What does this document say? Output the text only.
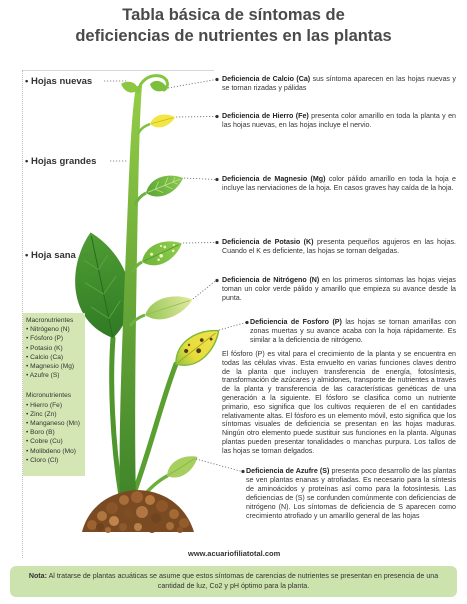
Tabla básica de síntomas de
deficiencias de nutrientes en las plantas
• Hojas nuevas
• Hojas grandes
• Hoja sana
Macronutrientes
• Nitrógeno (N)
• Fósforo (P)
• Potasio (K)
• Calcio (Ca)
• Magnesio (Mg)
• Azufre (S)
Micronutrientes
• Hierro (Fe)
• Zinc (Zn)
• Manganeso (Mn)
• Boro (B)
• Cobre (Cu)
• Molibdeno (Mo)
• Cloro (Cl)
Deficiencia de Calcio (Ca) sus síntoma aparecen en las hojas nuevas y se tornan rizadas y pálidas
Deficiencia de Hierro (Fe) presenta color amarillo en toda la planta y en las hojas nuevas, en las hojas incluye el nervio.
Deficiencia de Magnesio (Mg) color pálido amarillo en toda la hoja e incluye las nerviaciones de la hoja. En casos graves hay caída de la hoja.
Deficiencia de Potasio (K) presenta pequeños agujeros en las hojas. Cuando el K es deficiente, las hojas se tornan delgadas.
Deficiencia de Nitrógeno (N) en los primeros síntomas las hojas viejas toman un color verde pálido y amarillo que empieza su avance desde la punta.
Deficiencia de Fosforo (P) las hojas se tornan amarillas con zonas muertas y su avance acaba con la hoja rápidamente. Es similar a la deficiencia de nitrógeno.
El fósforo (P) es vital para el crecimiento de la planta y se encuentra en todas las células vivas. Esta envuelto en varias funciones claves dentro de la planta que incluyen transferencia de energía, fotosíntesis, transformación de azúcares y almidones, transporte de nutrientes a través de la planta y transferencia de las características genéticas de una generación a la siguiente. El fósforo se clasifica como un nutriente primario, eso significa que los cultivos requieren de el en cantidades relativamente altas. El fósforo es un elemento móvil, esto significa que los síntomas visuales de deficiencia se presentan en las hojas maduras. Ningún otro elemento puede sustituir sus funciones en la planta. Algunas plantas pueden presentar tonalidades o manchas purpura. Los tallos de las hojas se tornan delgados.
Deficiencia de Azufre (S) presenta poco desarrollo de las plantas se ven plantas enanas y atrofiadas. Es necesario para la síntesis de aminoácidos y proteínas así como para la fotosíntesis. Las deficiencias de (S) se confunden comúnmente con deficiencias de nitrógeno (N). Los síntomas de deficiencia de S aparecen como crecimiento atrofiado y un amarillo general de las hojas
www.acuariofiliatotal.com
Nota: Al tratarse de plantas acuáticas se asume que estos síntomas de carencias de nutrientes se presentan en presencia de una cantidad de luz, Co2 y pH óptimo para la planta.
